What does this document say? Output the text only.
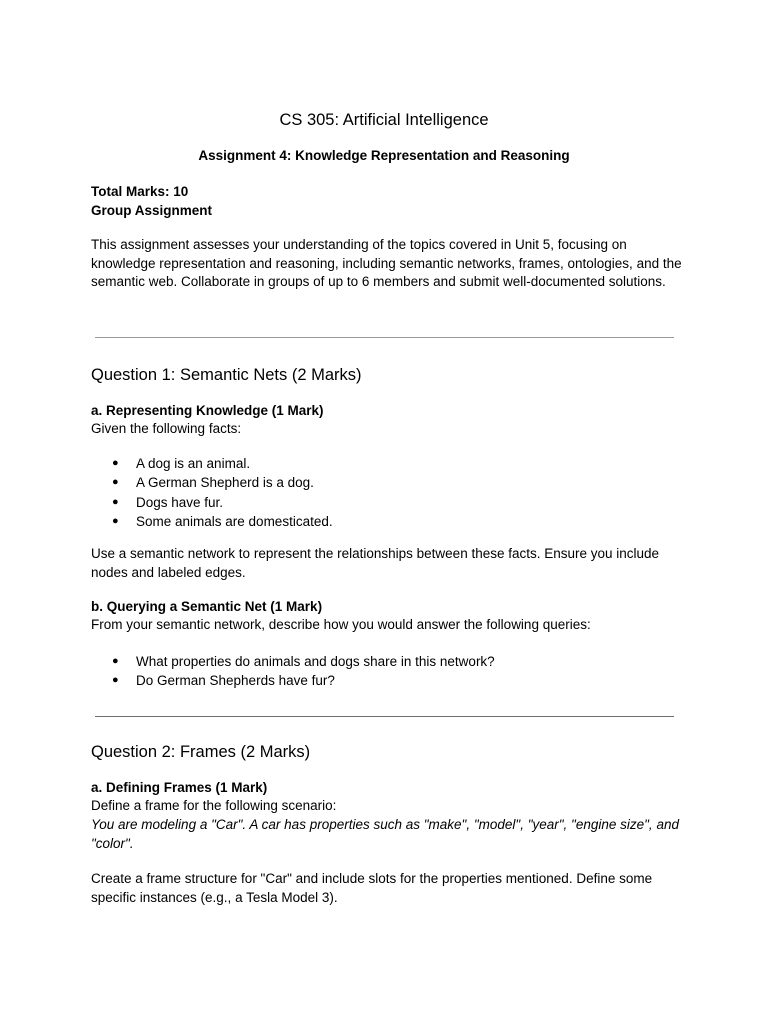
CS 305: Artificial Intelligence
Assignment 4: Knowledge Representation and Reasoning
Total Marks: 10
Group Assignment

This assignment assesses your understanding of the topics covered in Unit 5, focusing on knowledge representation and reasoning, including semantic networks, frames, ontologies, and the semantic web. Collaborate in groups of up to 6 members and submit well-documented solutions.

Question 1: Semantic Nets (2 Marks)
a. Representing Knowledge (1 Mark)
Given the following facts:
● A dog is an animal.
● A German Shepherd is a dog.
● Dogs have fur.
● Some animals are domesticated.

Use a semantic network to represent the relationships between these facts. Ensure you include nodes and labeled edges.

b. Querying a Semantic Net (1 Mark)
From your semantic network, describe how you would answer the following queries:
● What properties do animals and dogs share in this network?
● Do German Shepherds have fur?
Question 2: Frames (2 Marks)
a. Defining Frames (1 Mark)
Define a frame for the following scenario:

You are modeling a "Car". A car has properties such as "make", "model", "year", "engine size", and "color".

Create a frame structure for "Car" and include slots for the properties mentioned. Define some specific instances (e.g., a Tesla Model 3).
